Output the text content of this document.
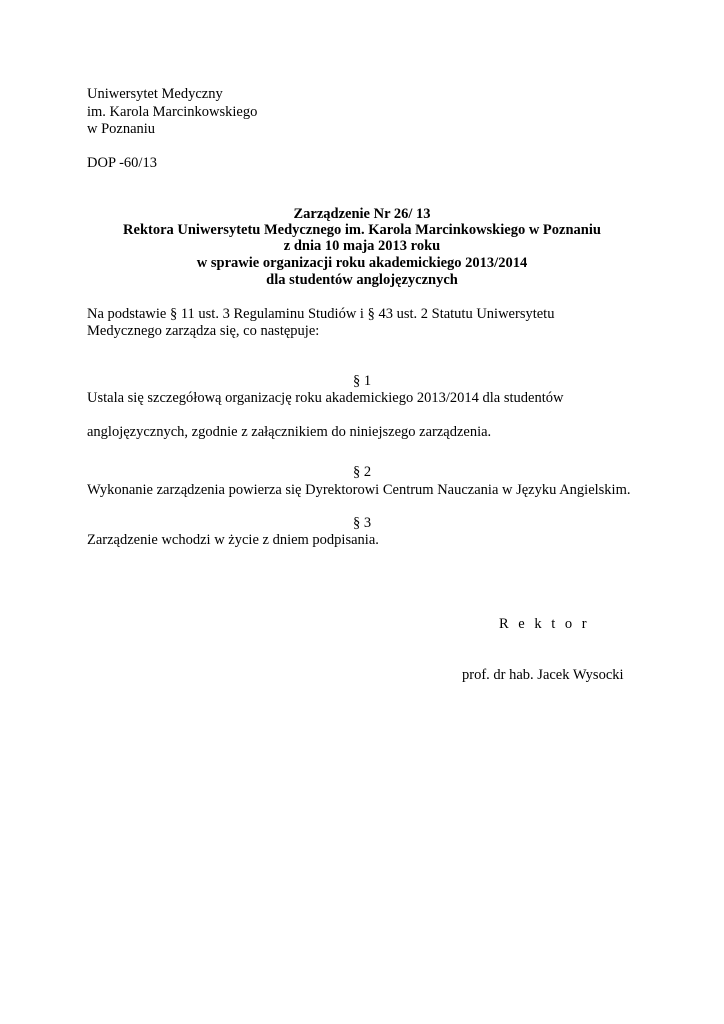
Uniwersytet Medyczny
im. Karola Marcinkowskiego
w Poznaniu
DOP -60/13
Zarządzenie Nr 26/ 13
Rektora Uniwersytetu Medycznego im. Karola Marcinkowskiego w Poznaniu
z dnia 10 maja 2013 roku
w sprawie organizacji roku akademickiego 2013/2014
dla studentów anglojęzycznych
Na podstawie § 11 ust. 3 Regulaminu Studiów i § 43 ust. 2 Statutu Uniwersytetu
Medycznego zarządza się, co następuje:
§ 1
Ustala się szczegółową organizację roku akademickiego 2013/2014 dla studentów
anglojęzycznych, zgodnie z załącznikiem do niniejszego zarządzenia.
§ 2
Wykonanie zarządzenia powierza się Dyrektorowi Centrum Nauczania w Języku Angielskim.
§ 3
Zarządzenie wchodzi w życie z dniem podpisania.
R e k t o r
prof. dr hab. Jacek Wysocki
